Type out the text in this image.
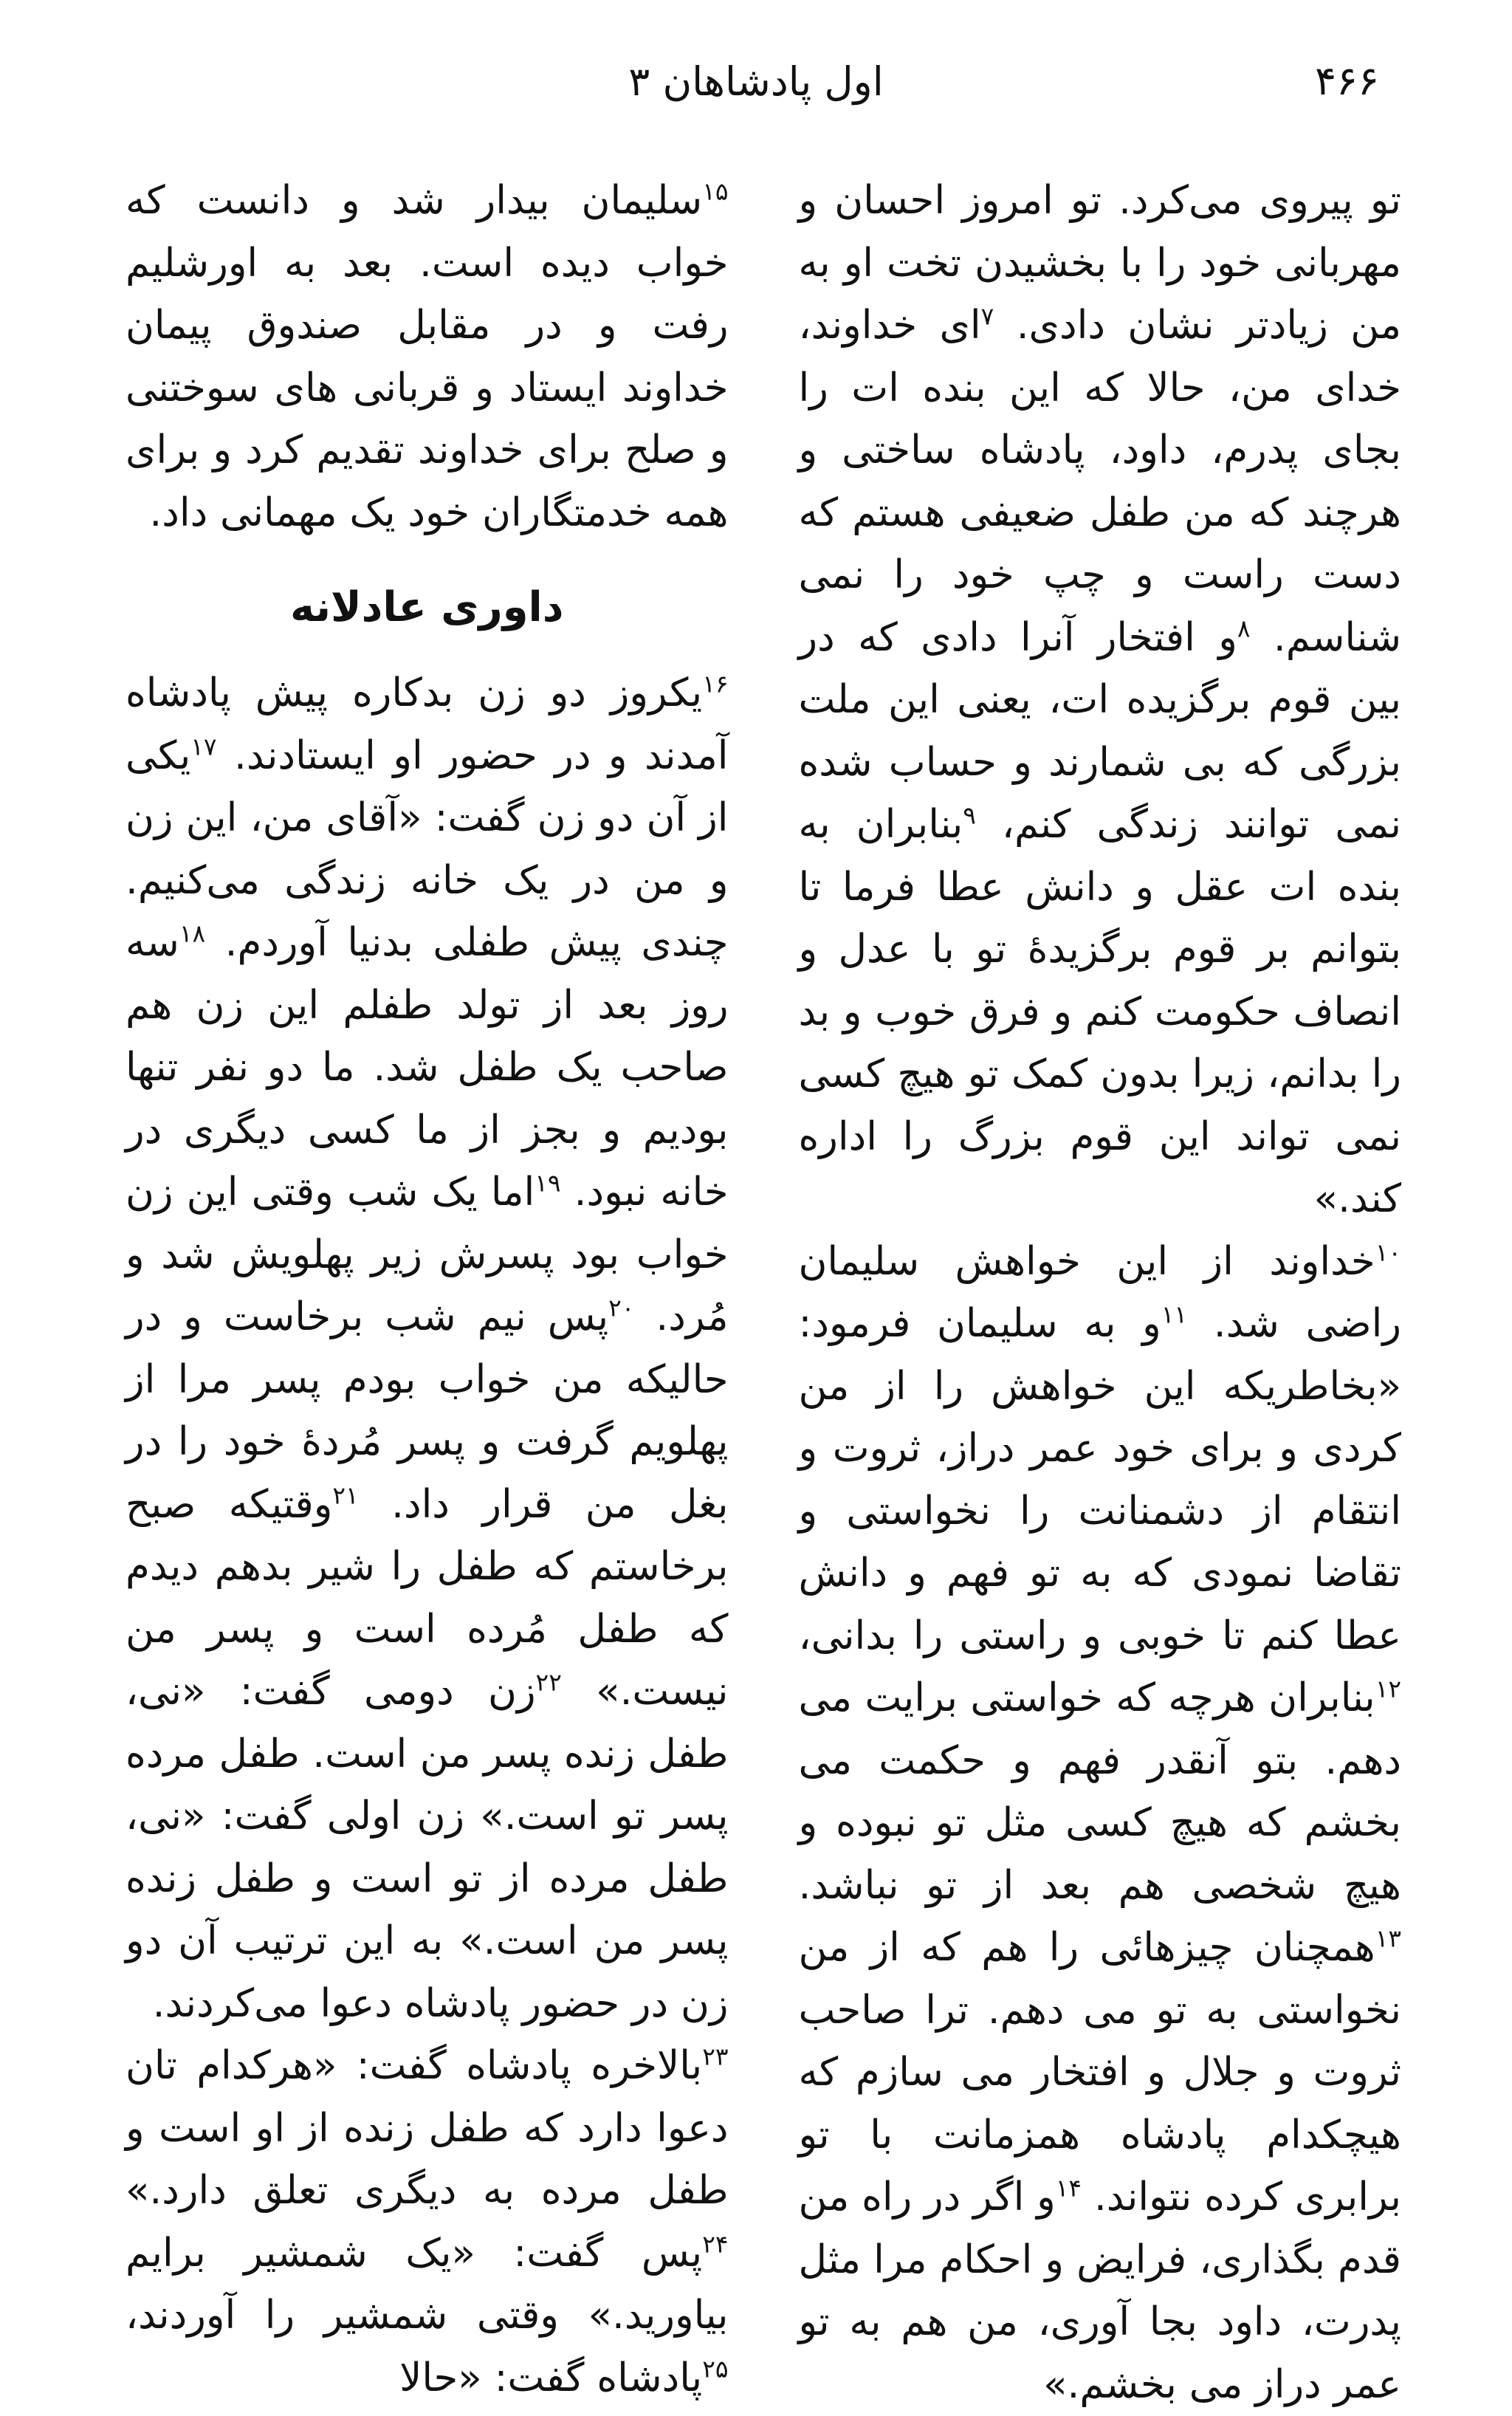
۴۶۶
اول پادشاهان ۳

تو پیروی می‌کرد. تو امروز احسان و مهربانی خود را با بخشیدن تخت او به من زیادتر نشان دادی. $^۷$ای خداوند، خدای من، حالا که این بنده ات را بجای پدرم، داود، پادشاه ساختی و هرچند که من طفل ضعیفی هستم که دست راست و چپ خود را نمی شناسم. $^۸$و افتخار آنرا دادی که در بین قوم برگزیده ات، یعنی این ملت بزرگی که بی شمارند و حساب شده نمی توانند زندگی کنم، $^۹$بنابران به بنده ات عقل و دانش عطا فرما تا بتوانم بر قوم برگزیدهٔ تو با عدل و انصاف حکومت کنم و فرق خوب و بد را بدانم، زیرا بدون کمک تو هیچ کسی نمی تواند این قوم بزرگ را اداره کند.»

$^{۱۰}$خداوند از این خواهش سلیمان راضی شد. $^{۱۱}$و به سلیمان فرمود: «بخاطریکه این خواهش را از من کردی و برای خود عمر دراز، ثروت و انتقام از دشمنانت را نخواستی و تقاضا نمودی که به تو فهم و دانش عطا کنم تا خوبی و راستی را بدانی، $^{۱۲}$بنابران هرچه که خواستی برایت می دهم. بتو آنقدر فهم و حکمت می بخشم که هیچ کسی مثل تو نبوده و هیچ شخصی هم بعد از تو نباشد. $^{۱۳}$همچنان چیزهائی را هم که از من نخواستی به تو می دهم. ترا صاحب ثروت و جلال و افتخار می سازم که هیچکدام پادشاه همزمانت با تو برابری کرده نتواند. $^{۱۴}$و اگر در راه من قدم بگذاری، فرایض و احکام مرا مثل پدرت، داود بجا آوری، من هم به تو عمر دراز می بخشم.»

$^{۱۵}$سلیمان بیدار شد و دانست که خواب دیده است. بعد به اورشلیم رفت و در مقابل صندوق پیمان خداوند ایستاد و قربانی های سوختنی و صلح برای خداوند تقدیم کرد و برای همه خدمتگاران خود یک مهمانی داد.

داوری عادلانه

$^{۱۶}$یکروز دو زن بدکاره پیش پادشاه آمدند و در حضور او ایستادند. $^{۱۷}$یکی از آن دو زن گفت: «آقای من، این زن و من در یک خانه زندگی می‌کنیم. چندی پیش طفلی بدنیا آوردم. $^{۱۸}$سه روز بعد از تولد طفلم این زن هم صاحب یک طفل شد. ما دو نفر تنها بودیم و بجز از ما کسی دیگری در خانه نبود. $^{۱۹}$اما یک شب وقتی این زن خواب بود پسرش زیر پهلویش شد و مُرد. $^{۲۰}$پس نیم شب برخاست و در حالیکه من خواب بودم پسر مرا از پهلویم گرفت و پسر مُردهٔ خود را در بغل من قرار داد. $^{۲۱}$وقتیکه صبح برخاستم که طفل را شیر بدهم دیدم که طفل مُرده است و پسر من نیست.» $^{۲۲}$زن دومی گفت: «نی، طفل زنده پسر من است. طفل مرده پسر تو است.» زن اولی گفت: «نی، طفل مرده از تو است و طفل زنده پسر من است.» به این ترتیب آن دو زن در حضور پادشاه دعوا می‌کردند.

$^{۲۳}$بالاخره پادشاه گفت: «هرکدام تان دعوا دارد که طفل زنده از او است و طفل مرده به دیگری تعلق دارد.» $^{۲۴}$پس گفت: «یک شمشیر برایم بیاورید.» وقتی شمشیر را آوردند، $^{۲۵}$پادشاه گفت: «حالا
